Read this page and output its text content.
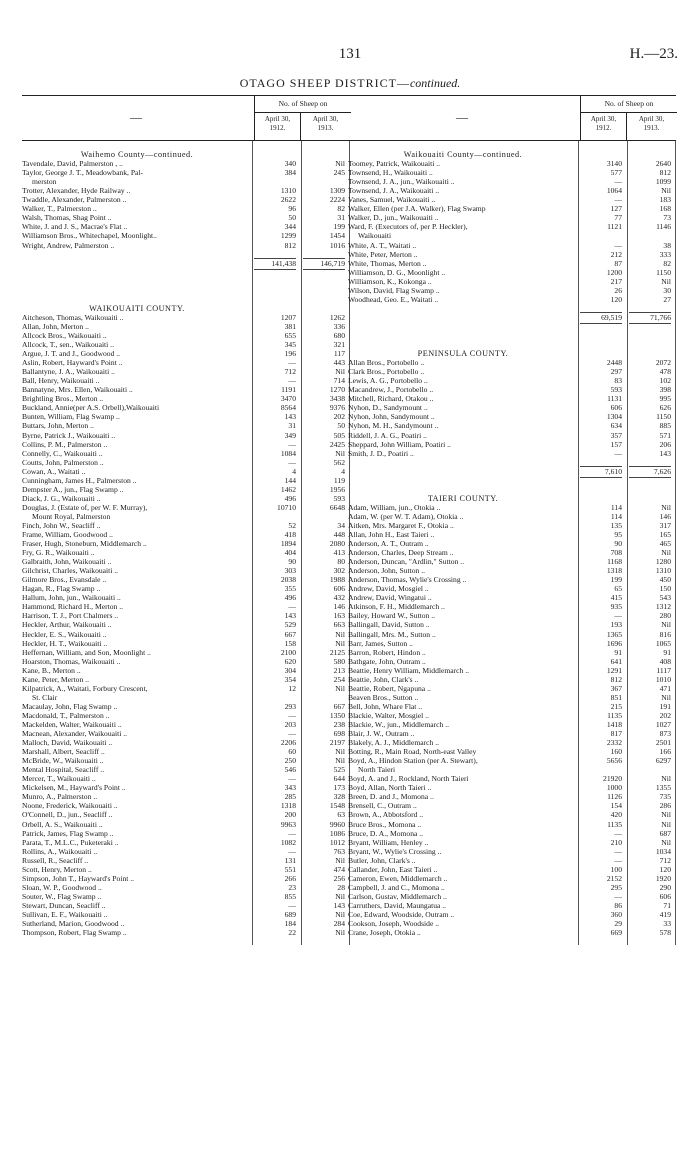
131	H.—23.
OTAGO SHEEP DISTRICT—continued.
—
No. of Sheep on
April 30,
1912.
April 30,
1913.
Waihemo County—continued.
Tavendale, David, Palmerston , ..	340	Nil
Taylor, George J. T., Meadowbank, Pal-	384	245
merston
Trotter, Alexander, Hyde Railway ..	1310	1309
Twaddle, Alexander, Palmerston ..	2622	2224
Walker, T., Palmerston ..	96	82
Walsh, Thomas, Shag Point ..	50	31
White, J. and J. S., Macrae's Flat ..	344	199
Williamson Bros., Whitechapel, Moonlight..	1299	1454
Wright, Andrew, Palmerston ..	812	1016
141,438	146,719
WAIKOUAITI COUNTY.
Aitcheson, Thomas, Waikouaiti ..	1207	1262
Allan, John, Merton ..	381	336
Allcock Bros., Waikouaiti ..	655	680
Allcock, T., sen., Waikouaiti ..	345	321
Argue, J. T. and J., Goodwood ..	196	117
Aslin, Robert, Hayward's Point ..	—	443
Ballantyne, J. A., Waikouaiti ..	712	Nil
Ball, Henry, Waikouaiti ..	—	714
Bannatyne, Mrs. Ellen, Waikouaiti ..	1191	1270
Brightling Bros., Merton ..	3470	3438
Buckland, Annie(per A.S. Orbell),Waikouaiti	8564	9376
Bunten, William, Flag Swamp ..	143	202
Buttars, John, Merton ..	31	50
Byrne, Patrick J., Waikouaiti ..	349	505
Collins, P. M., Palmerston ..	—	2425
Connelly, C., Waikouaiti ..	1084	Nil
Coutts, John, Palmerston ..	—	562
Cowan, A., Waitati ..	4	4
Cunningham, James H., Palmerston ..	144	119
Dempster A., jun., Flag Swamp ..	1462	1956
Diack, J. G., Waikouaiti ..	496	593
Douglas, J. (Estate of, per W. F. Murray),	10710	6648
Mount Royal, Palmerston
Finch, John W., Seacliff ..	52	34
Frame, William, Goodwood ..	418	448
Fraser, Hugh, Stoneburn, Middlemarch ..	1894	2080
Fry, G. R., Waikouaiti ..	404	413
Galbraith, John, Waikouaiti ..	90	80
Gilchrist, Charles, Waikouaiti ..	303	302
Gilmore Bros., Evansdale ..	2038	1988
Hagan, R., Flag Swamp ..	355	606
Hallum, John, jun., Waikouaiti ..	496	432
Hammond, Richard H., Merton ..	—	146
Harrison, T. J., Port Chalmers ..	143	163
Heckler, Arthur, Waikouaiti ..	529	663
Heckler, E. S., Waikouaiti ..	667	Nil
Heckler, H. T., Waikouaiti ..	158	Nil
Heffernan, William, and Son, Moonlight ..	2100	2125
Hoarston, Thomas, Waikouaiti ..	620	580
Kane, B., Merton ..	304	213
Kane, Peter, Merton ..	354	254
Kilpatrick, A., Waitati, Forbury Crescent,	12	Nil
St. Clair
Macaulay, John, Flag Swamp ..	293	667
Macdonald, T., Palmerston ..	—	1350
Mackelden, Walter, Waikouaiti ..	203	238
Macnean, Alexander, Waikouaiti ..	—	698
Malloch, David, Waikouaiti ..	2206	2197
Marshall, Albert, Seacliff ..	60	Nil
McBride, W., Waikouaiti ..	250	Nil
Mental Hospital, Seacliff ..	546	525
Mercer, T., Waikouaiti ..	—	644
Mickelsen, M., Hayward's Point ..	343	173
Munro, A., Palmerston ..	285	328
Noone, Frederick, Waikouaiti ..	1318	1548
O'Connell, D., jun., Seacliff ..	200	63
Orbell, A. S., Waikouaiti ..	9963	9960
Patrick, James, Flag Swamp ..	—	1086
Parata, T., M.L.C., Puketeraki ..	1082	1012
Rollins, A., Waikouaiti ..	—	763
Russell, R., Seacliff ..	131	Nil
Scott, Henry, Merton ..	551	474
Simpson, John T., Hayward's Point ..	266	256
Sloan, W. P., Goodwood ..	23	28
Souter, W., Flag Swamp ..	855	Nil
Stewart, Duncan, Seacliff ..	—	143
Sullivan, E. F., Waikouaiti ..	689	Nil
Sutherland, Marion, Goodwood ..	184	284
Thompson, Robert, Flag Swamp ..	22	Nil
—
No. of Sheep on
April 30,
1912.
April 30,
1913.
Waikouaiti County—continued.
Toomey, Patrick, Waikouaiti ..	3140	2640
Townsend, H., Waikouaiti ..	577	812
Townsend, J. A., jun., Waikouaiti ..	—	1099
Townsend, J. A., Waikouaiti ..	1064	Nil
Vanes, Samuel, Waikouaiti ..	—	183
Walker, Ellen (per J.A. Walker), Flag Swamp	127	168
Walker, D., jun., Waikouaiti ..	77	73
Ward, F. (Executors of, per P. Heckler),	1121	1146
Waikouaiti
White, A. T., Waitati ..	—	38
White, Peter, Merton ..	212	333
White, Thomas, Merton ..	87	82
Williamson, D. G., Moonlight ..	1200	1150
Williamson, K., Kokonga ..	217	Nil
Wilson, David, Flag Swamp ..	26	30
Woodhead, Geo. E., Waitati ..	120	27
69,519	71,766
PENINSULA COUNTY.
Allan Bros., Portobello ..	2448	2072
Clark Bros., Portobello ..	297	478
Lewis, A. G., Portobello ..	83	102
Macandrew, J., Portobello ..	593	398
Mitchell, Richard, Otakou ..	1131	995
Nyhon, D., Sandymount ..	606	626
Nyhon, John, Sandymount ..	1304	1150
Nyhon, M. H., Sandymount ..	634	885
Riddell, J. A. G., Poatiri ..	357	571
Sheppard, John William, Poatiri ..	157	206
Smith, J. D., Poatiri ..	—	143
7,610	7,626
TAIERI COUNTY.
Adam, William, jun., Otokia ..	114	Nil
Adam, W. (per W. T. Adam), Otokia ..	114	146
Aitken, Mrs. Margaret F., Otokia ..	135	317
Allan, John H., East Taieri ..	95	165
Anderson, A. T., Outram ..	90	465
Anderson, Charles, Deep Stream ..	708	Nil
Anderson, Duncan, "Ardlin," Sutton ..	1168	1280
Anderson, John, Sutton ..	1318	1310
Anderson, Thomas, Wylie's Crossing ..	199	450
Andrew, David, Mosgiel ..	65	150
Andrew, David, Wingatui ..	415	543
Atkinson, F. H., Middlemarch ..	935	1312
Bailey, Howard W., Sutton ..	—	280
Ballingall, David, Sutton ..	193	Nil
Ballingall, Mrs. M., Sutton ..	1365	816
Barr, James, Sutton ..	1696	1065
Barron, Robert, Hindon ..	91	91
Bathgate, John, Outram ..	641	408
Beattie, Henry William, Middlemarch ..	1291	1117
Beattie, John, Clark's ..	812	1010
Beattie, Robert, Ngapuna ..	367	471
Beaven Bros., Sutton ..	851	Nil
Bell, John, Whare Flat ..	215	191
Blackie, Walter, Mosgiel ..	1135	202
Blackie, W., jun., Middlemarch ..	1418	1027
Blair, J. W., Outram ..	817	873
Blakely, A. J., Middlemarch ..	2332	2501
Botting, R., Main Road, North-east Valley	160	166
Boyd, A., Hindon Station (per A. Stewart),	5656	6297
North Taieri
Boyd, A. and J., Rockland, North Taieri	21920	Nil
Boyd, Allan, North Taieri ..	1000	1355
Breen, D. and J., Momona ..	1126	735
Brensell, C., Outram ..	154	286
Brown, A., Abbotsford ..	420	Nil
Bruce Bros., Momona ..	1135	Nil
Bruce, D. A., Momona ..	—	687
Bryant, William, Henley ..	210	Nil
Bryant, W., Wylie's Crossing ..	—	1034
Butler, John, Clark's ..	—	712
Callander, John, East Taieri ..	100	120
Cameron, Ewen, Middlemarch ..	2152	1920
Campbell, J. and C., Momona ..	295	290
Carlson, Gustav, Middlemarch ..	—	606
Carruthers, David, Maungatua ..	86	71
Coe, Edward, Woodside, Outram ..	360	419
Cookson, Joseph, Woodside ..	29	33
Crane, Joseph, Otokia ..	669	578
